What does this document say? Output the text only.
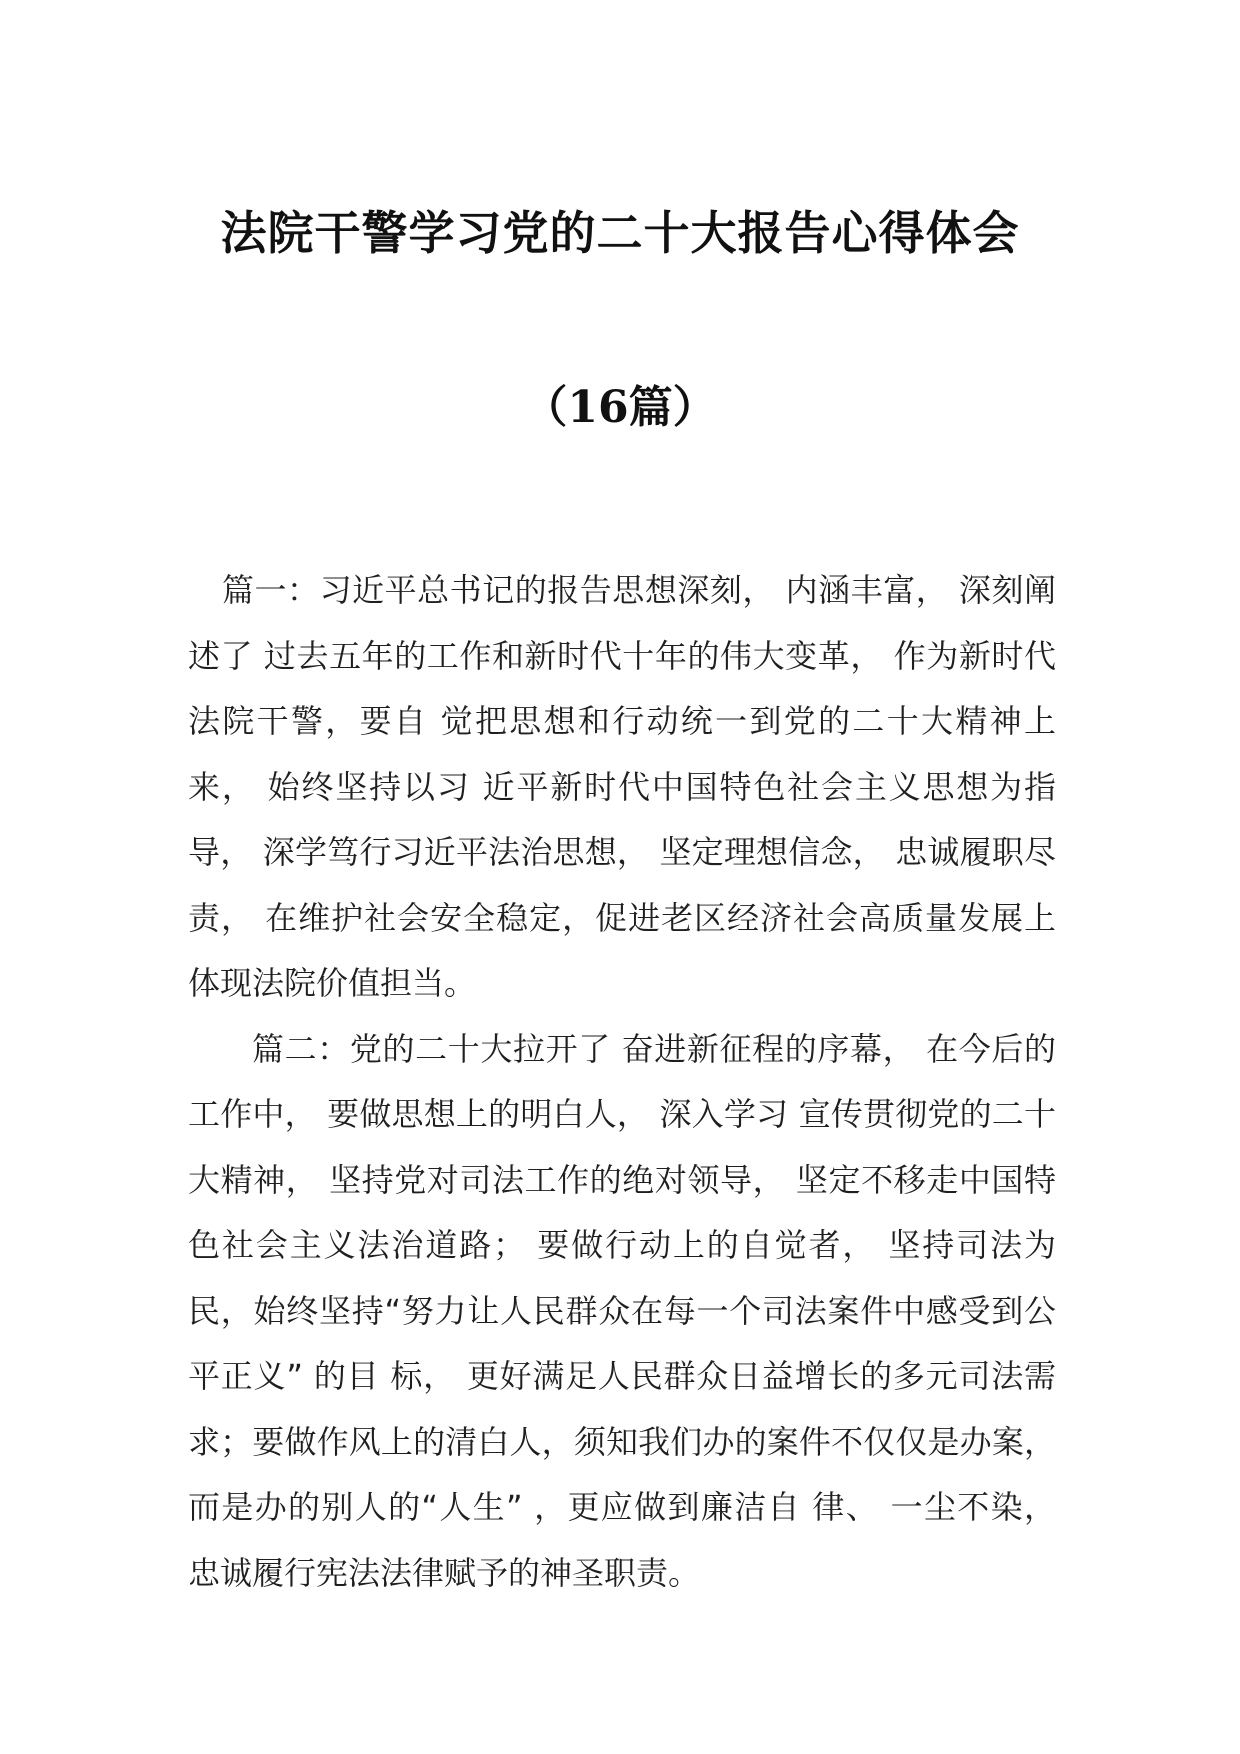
法院干警学习党的二十大报告心得体会
（16篇）

篇一：习近平总书记的报告思想深刻， 内涵丰富， 深刻阐述了 过去五年的工作和新时代十年的伟大变革， 作为新时代法院干警，要自 觉把思想和行动统一到党的二十大精神上来， 始终坚持以习 近平新时代中国特色社会主义思想为指导， 深学笃行习近平法治思想， 坚定理想信念， 忠诚履职尽责， 在维护社会安全稳定，促进老区经济社会高质量发展上体现法院价值担当。

篇二：党的二十大拉开了 奋进新征程的序幕， 在今后的工作中， 要做思想上的明白人， 深入学习 宣传贯彻党的二十大精神， 坚持党对司法工作的绝对领导， 坚定不移走中国特色社会主义法治道路； 要做行动上的自觉者， 坚持司法为民，始终坚持“努力让人民群众在每一个司法案件中感受到公平正义” 的目 标， 更好满足人民群众日益增长的多元司法需求；要做作风上的清白人，须知我们办的案件不仅仅是办案， 而是办的别人的“人生” ，更应做到廉洁自 律、 一尘不染， 忠诚履行宪法法律赋予的神圣职责。
